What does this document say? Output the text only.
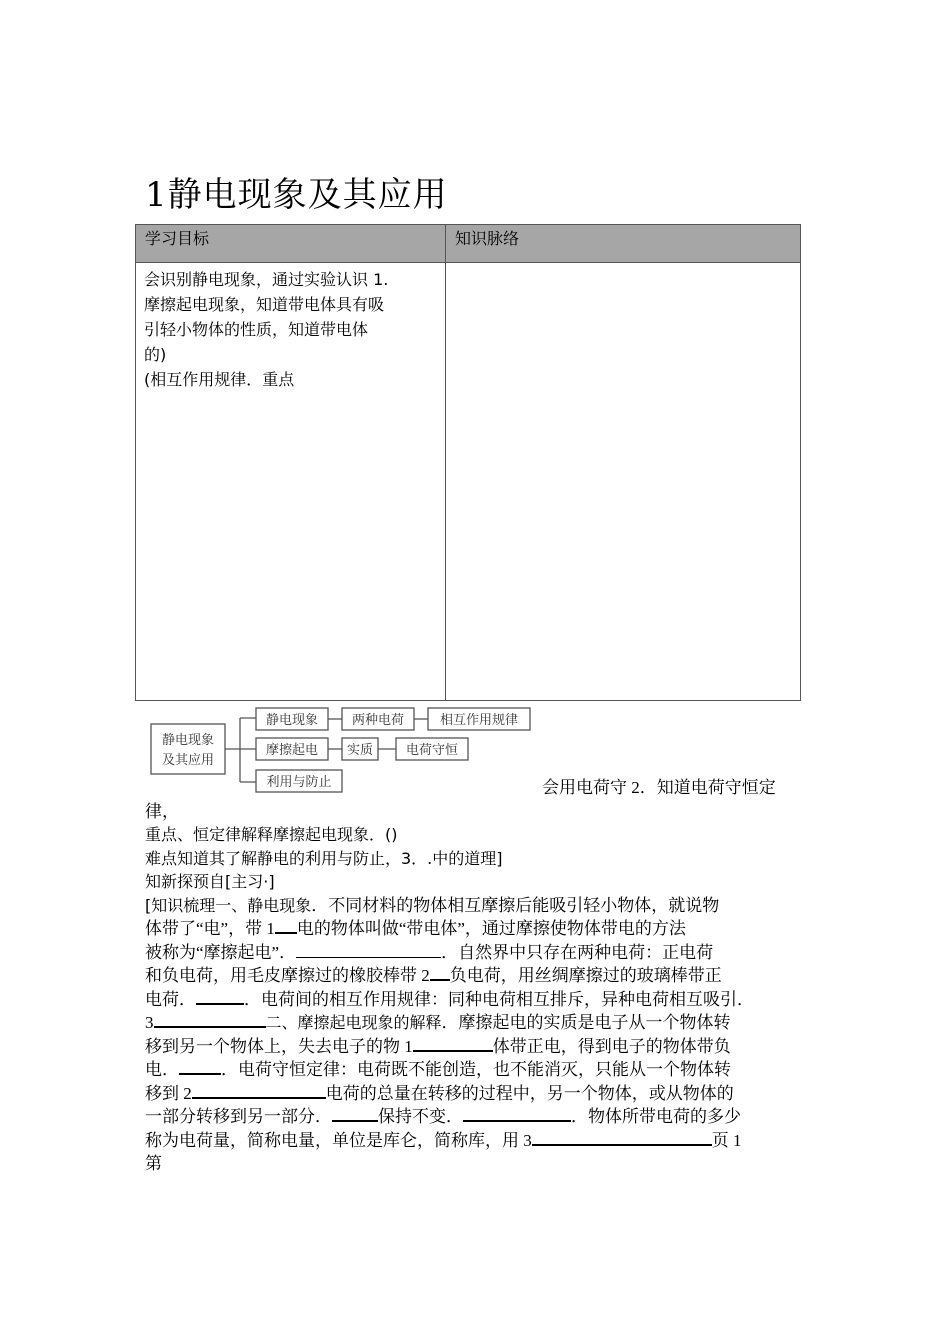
1静电现象及其应用
学习目标	知识脉络

会识别静电现象，通过实验认识 1.
摩擦起电现象，知道带电体具有吸
引轻小物体的性质，知道带电体
的)
(相互作用规律．重点	

静电现象
及其应用
静电现象	两种电荷	相互作用规律
摩擦起电 实质	电荷守恒
利用与防止	会用电荷守 2．知道电荷守恒定
律，
重点、恒定律解释摩擦起电现象．()
难点知道其了解静电的利用与防止，3．.中的道理]
知新探预自[主习·]
[知识梳理一、静电现象．不同材料的物体相互摩擦后能吸引轻小物体，就说物
体带了“电”，带 1 电的物体叫做“带电体”，通过摩擦使物体带电的方法
被称为“摩擦起电”．	．自然界中只存在两种电荷：正电荷
和负电荷，用毛皮摩擦过的橡胶棒带 2 负电荷，用丝绸摩擦过的玻璃棒带正
电荷．	．电荷间的相互作用规律：同种电荷相互排斥，异种电荷相互吸引．
3	二、摩擦起电现象的解释．摩擦起电的实质是电子从一个物体转
移到另一个物体上，失去电子的物 1	体带正电，得到电子的物体带负
电． ．电荷守恒定律：电荷既不能创造，也不能消灭，只能从一个物体转
移到 2	电荷的总量在转移的过程中，另一个物体，或从物体的
一部分转移到另一部分．	保持不变．	．物体所带电荷的多少
称为电荷量，简称电量，单位是库仑，简称库，用 3	页 1
第
